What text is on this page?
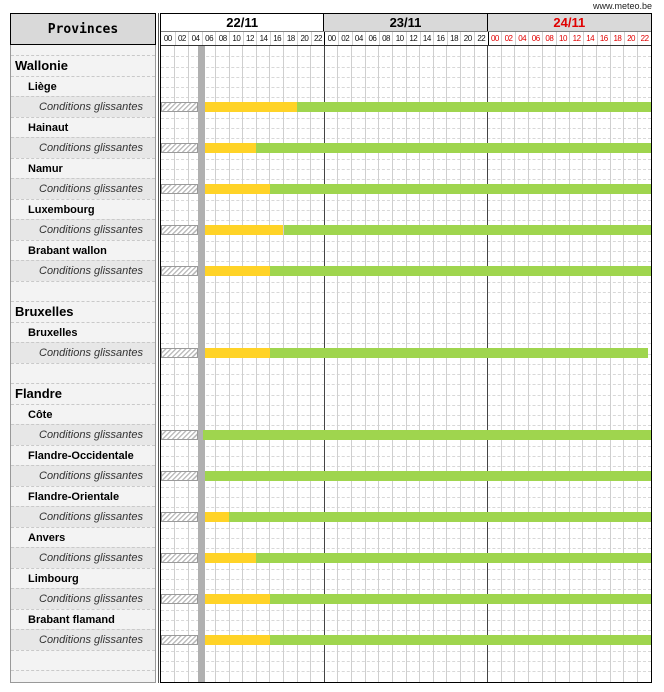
www.meteo.be
Provinces
Wallonie
Liège
Conditions glissantes
Hainaut
Conditions glissantes
Namur
Conditions glissantes
Luxembourg
Conditions glissantes
Brabant wallon
Conditions glissantes
Bruxelles
Bruxelles
Conditions glissantes
Flandre
Côte
Conditions glissantes
Flandre-Occidentale
Conditions glissantes
Flandre-Orientale
Conditions glissantes
Anvers
Conditions glissantes
Limbourg
Conditions glissantes
Brabant flamand
Conditions glissantes
22/11	23/11	24/11
00 02 04 06 08 10 12 14 16 18 20 22 00 02 04 06 08 10 12 14 16 18 20 22 00 02 04 06 08 10 12 14 16 18 20 22
